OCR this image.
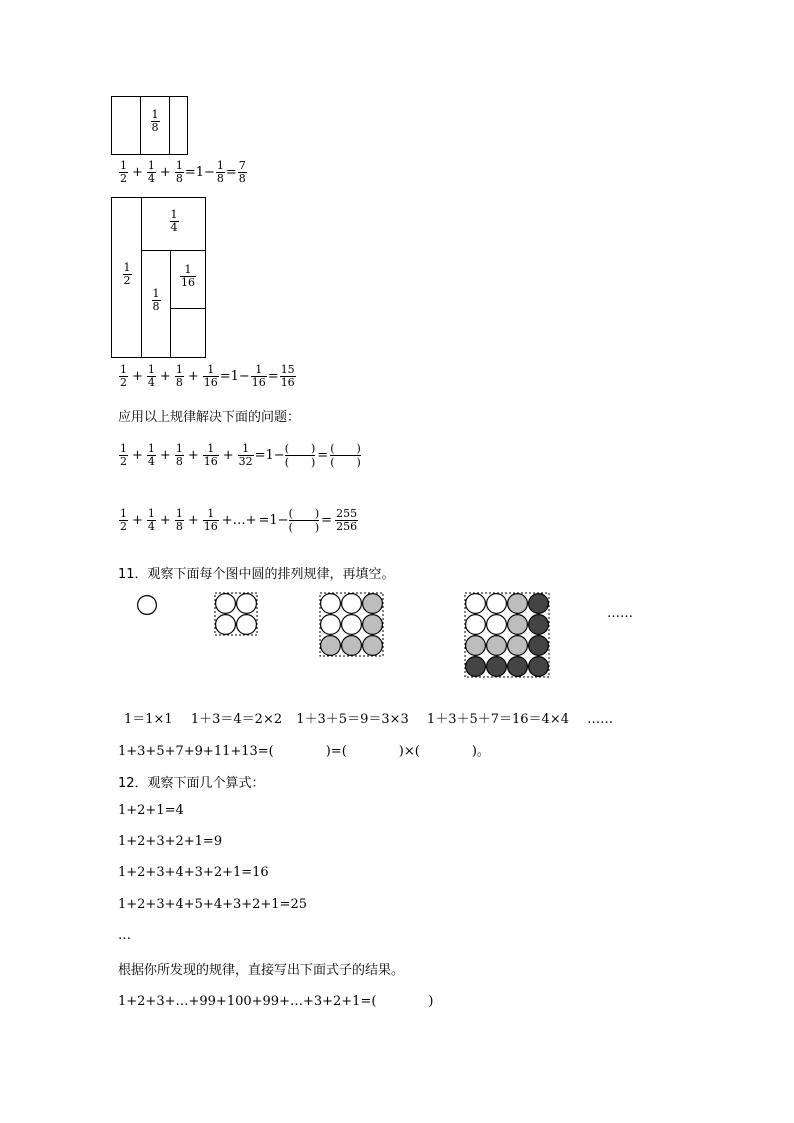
$\frac{1}{8}$
$\frac{1}{2} + \frac{1}{4} + \frac{1}{8} =1- \frac{1}{8} = \frac{7}{8}$
$\frac{1}{2}$
$\frac{1}{4}$
$\frac{1}{8}$
$\frac{1}{16}$
$\frac{1}{2} + \frac{1}{4} + \frac{1}{8} + \frac{1}{16} =1- \frac{1}{16} = \frac{15}{16}$
应用以上规律解决下面的问题：
$\frac{1}{2} + \frac{1}{4} + \frac{1}{8} + \frac{1}{16} + \frac{1}{32} =1-$ (　　)
(　　) = (　　)
(　　)
$\frac{1}{2} + \frac{1}{4} + \frac{1}{8} + \frac{1}{16}$ +…+ =1− (　　)
(　　) = $\frac{255}{256}$
11．观察下面每个图中圆的排列规律，再填空。
……
1＝1×1 1＋3＝4＝2×2 1＋3＋5＝9＝3×3 1＋3＋5＋7＝16＝4×4 ……
1+3+5+7+9+11+13=(　　　　)=(　　　　)×(　　　　)。
12．观察下面几个算式：
1+2+1=4
1+2+3+2+1=9
1+2+3+4+3+2+1=16
1+2+3+4+5+4+3+2+1=25
…
根据你所发现的规律，直接写出下面式子的结果。
1+2+3+…+99+100+99+…+3+2+1=(　　　　)
